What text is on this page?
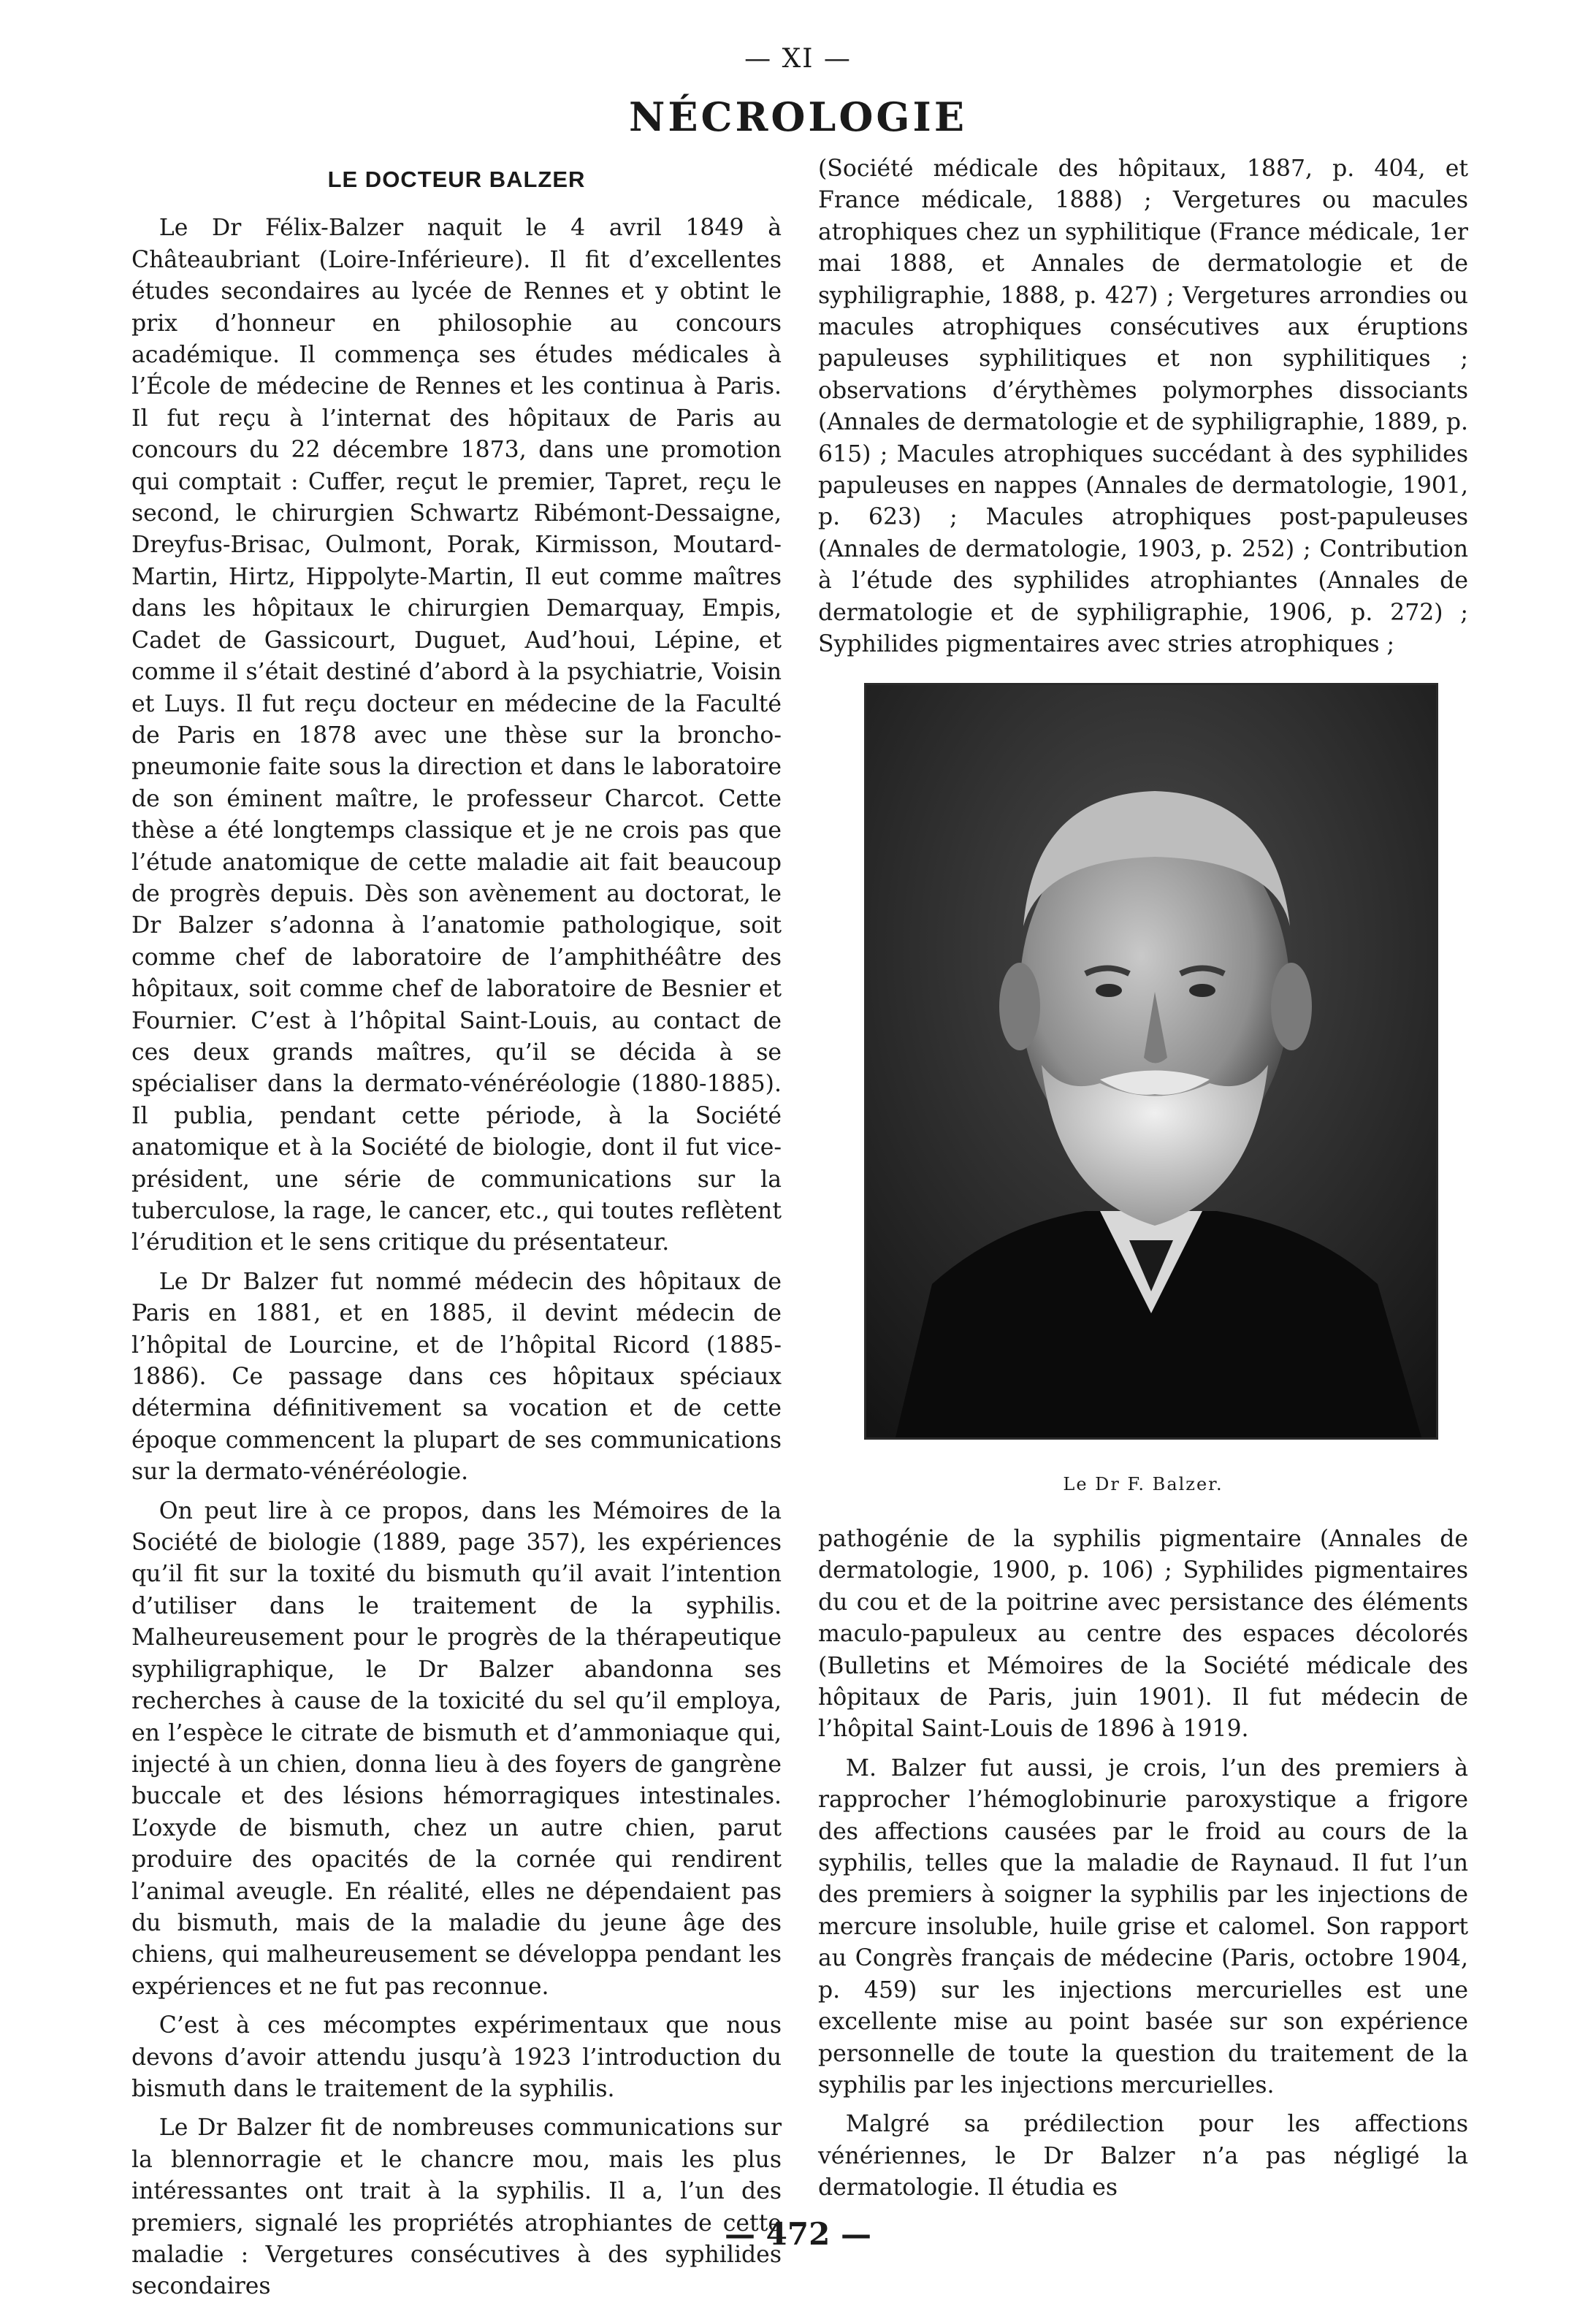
— XI —
NÉCROLOGIE
LE DOCTEUR BALZER

Le Dr Félix-Balzer naquit le 4 avril 1849 à Châteaubriant (Loire-Inférieure). Il fit d’excellentes études secondaires au lycée de Rennes et y obtint le prix d’honneur en philosophie au concours académique. Il commença ses études médicales à l’École de médecine de Rennes et les continua à Paris. Il fut reçu à l’internat des hôpitaux de Paris au concours du 22 décembre 1873, dans une promotion qui comptait : Cuffer, reçut le premier, Tapret, reçu le second, le chirurgien Schwartz Ribémont-Dessaigne, Dreyfus-Brisac, Oulmont, Porak, Kirmisson, Moutard-Martin, Hirtz, Hippolyte-Martin, Il eut comme maîtres dans les hôpitaux le chirurgien Demarquay, Empis, Cadet de Gassicourt, Duguet, Aud’houi, Lépine, et comme il s’était destiné d’abord à la psychiatrie, Voisin et Luys. Il fut reçu docteur en médecine de la Faculté de Paris en 1878 avec une thèse sur la broncho-pneumonie faite sous la direction et dans le laboratoire de son éminent maître, le professeur Charcot. Cette thèse a été longtemps classique et je ne crois pas que l’étude anatomique de cette maladie ait fait beaucoup de progrès depuis. Dès son avènement au doctorat, le Dr Balzer s’adonna à l’anatomie pathologique, soit comme chef de laboratoire de l’amphithéâtre des hôpitaux, soit comme chef de laboratoire de Besnier et Fournier. C’est à l’hôpital Saint-Louis, au contact de ces deux grands maîtres, qu’il se décida à se spécialiser dans la dermato-vénéréologie (1880-1885). Il publia, pendant cette période, à la Société anatomique et à la Société de biologie, dont il fut vice-président, une série de communications sur la tuberculose, la rage, le cancer, etc., qui toutes reflètent l’érudition et le sens critique du présentateur.

Le Dr Balzer fut nommé médecin des hôpitaux de Paris en 1881, et en 1885, il devint médecin de l’hôpital de Lourcine, et de l’hôpital Ricord (1885-1886). Ce passage dans ces hôpitaux spéciaux détermina définitivement sa vocation et de cette époque commencent la plupart de ses communications sur la dermato-vénéréologie.

On peut lire à ce propos, dans les Mémoires de la Société de biologie (1889, page 357), les expériences qu’il fit sur la toxité du bismuth qu’il avait l’intention d’utiliser dans le traitement de la syphilis. Malheureusement pour le progrès de la thérapeutique syphiligraphique, le Dr Balzer abandonna ses recherches à cause de la toxicité du sel qu’il employa, en l’espèce le citrate de bismuth et d’ammoniaque qui, injecté à un chien, donna lieu à des foyers de gangrène buccale et des lésions hémorragiques intestinales. L’oxyde de bismuth, chez un autre chien, parut produire des opacités de la cornée qui rendirent l’animal aveugle. En réalité, elles ne dépendaient pas du bismuth, mais de la maladie du jeune âge des chiens, qui malheureusement se développa pendant les expériences et ne fut pas reconnue.

C’est à ces mécomptes expérimentaux que nous devons d’avoir attendu jusqu’à 1923 l’introduction du bismuth dans le traitement de la syphilis.

Le Dr Balzer fit de nombreuses communications sur la blennorragie et le chancre mou, mais les plus intéressantes ont trait à la syphilis. Il a, l’un des premiers, signalé les propriétés atrophiantes de cette maladie : Vergetures consécutives à des syphilides secondaires

(Société médicale des hôpitaux, 1887, p. 404, et France médicale, 1888) ; Vergetures ou macules atrophiques chez un syphilitique (France médicale, 1er mai 1888, et Annales de dermatologie et de syphiligraphie, 1888, p. 427) ; Vergetures arrondies ou macules atrophiques consécutives aux éruptions papuleuses syphilitiques et non syphilitiques ; observations d’érythèmes polymorphes dissociants (Annales de dermatologie et de syphiligraphie, 1889, p. 615) ; Macules atrophiques succédant à des syphilides papuleuses en nappes (Annales de dermatologie, 1901, p. 623) ; Macules atrophiques post-papuleuses (Annales de dermatologie, 1903, p. 252) ; Contribution à l’étude des syphilides atrophiantes (Annales de dermatologie et de syphiligraphie, 1906, p. 272) ; Syphilides pigmentaires avec stries atrophiques ;

Le Dr F. Balzer.

pathogénie de la syphilis pigmentaire (Annales de dermatologie, 1900, p. 106) ; Syphilides pigmentaires du cou et de la poitrine avec persistance des éléments maculo-papuleux au centre des espaces décolorés (Bulletins et Mémoires de la Société médicale des hôpitaux de Paris, juin 1901). Il fut médecin de l’hôpital Saint-Louis de 1896 à 1919.

M. Balzer fut aussi, je crois, l’un des premiers à rapprocher l’hémoglobinurie paroxystique a frigore des affections causées par le froid au cours de la syphilis, telles que la maladie de Raynaud. Il fut l’un des premiers à soigner la syphilis par les injections de mercure insoluble, huile grise et calomel. Son rapport au Congrès français de médecine (Paris, octobre 1904, p. 459) sur les injections mercurielles est une excellente mise au point basée sur son expérience personnelle de toute la question du traitement de la syphilis par les injections mercurielles.

Malgré sa prédilection pour les affections vénériennes, le Dr Balzer n’a pas négligé la dermatologie. Il étudia es

— 472 —
